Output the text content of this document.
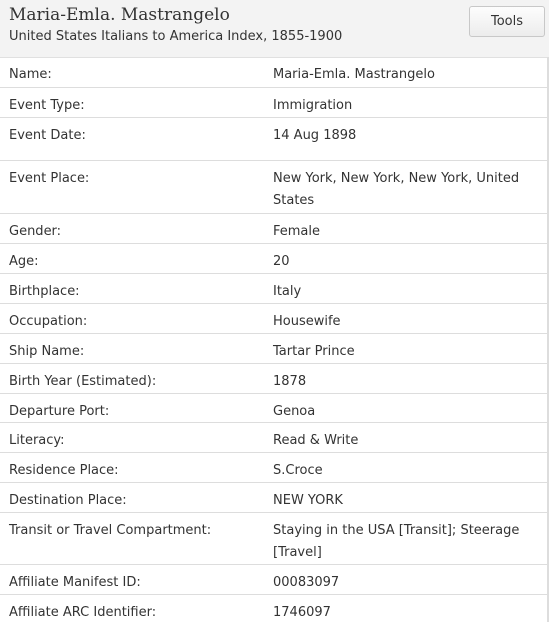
Maria-Emla. Mastrangelo
United States Italians to America Index, 1855-1900
Tools
Name:	Maria-Emla. Mastrangelo
Event Type:	Immigration
Event Date:	14 Aug 1898
Event Place:	New York, New York, New York, United States
Gender:	Female
Age:	20
Birthplace:	Italy
Occupation:	Housewife
Ship Name:	Tartar Prince
Birth Year (Estimated):	1878
Departure Port:	Genoa
Literacy:	Read & Write
Residence Place:	S.Croce
Destination Place:	NEW YORK
Transit or Travel Compartment:	Staying in the USA [Transit]; Steerage [Travel]
Affiliate Manifest ID:	00083097
Affiliate ARC Identifier:	1746097
